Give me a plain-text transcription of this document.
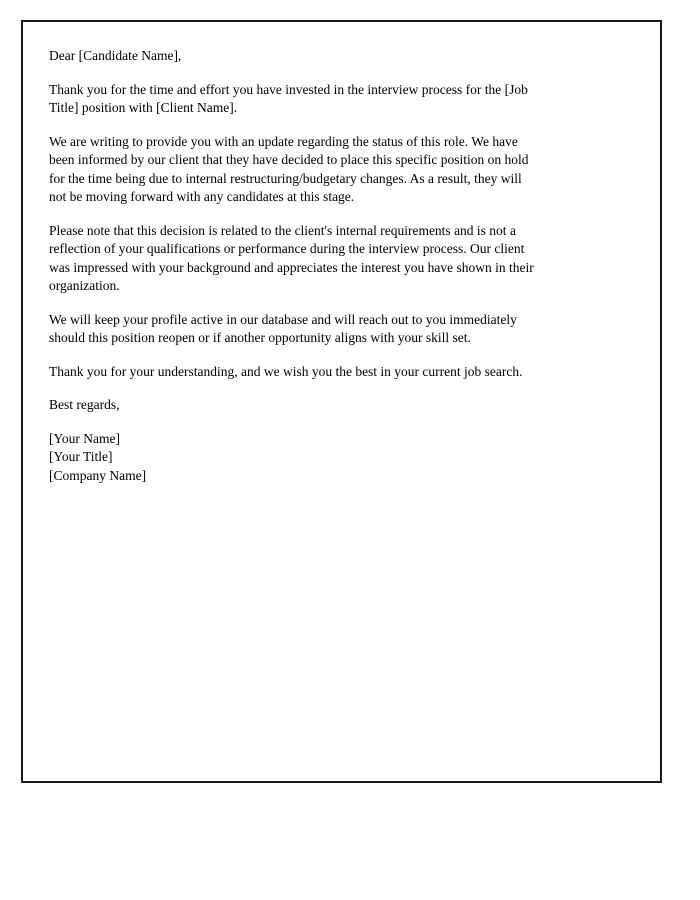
Dear [Candidate Name],

Thank you for the time and effort you have invested in the interview process for the [Job
Title] position with [Client Name].

We are writing to provide you with an update regarding the status of this role. We have
been informed by our client that they have decided to place this specific position on hold
for the time being due to internal restructuring/budgetary changes. As a result, they will
not be moving forward with any candidates at this stage.

Please note that this decision is related to the client's internal requirements and is not a
reflection of your qualifications or performance during the interview process. Our client
was impressed with your background and appreciates the interest you have shown in their
organization.

We will keep your profile active in our database and will reach out to you immediately
should this position reopen or if another opportunity aligns with your skill set.

Thank you for your understanding, and we wish you the best in your current job search.

Best regards,

[Your Name]
[Your Title]
[Company Name]
